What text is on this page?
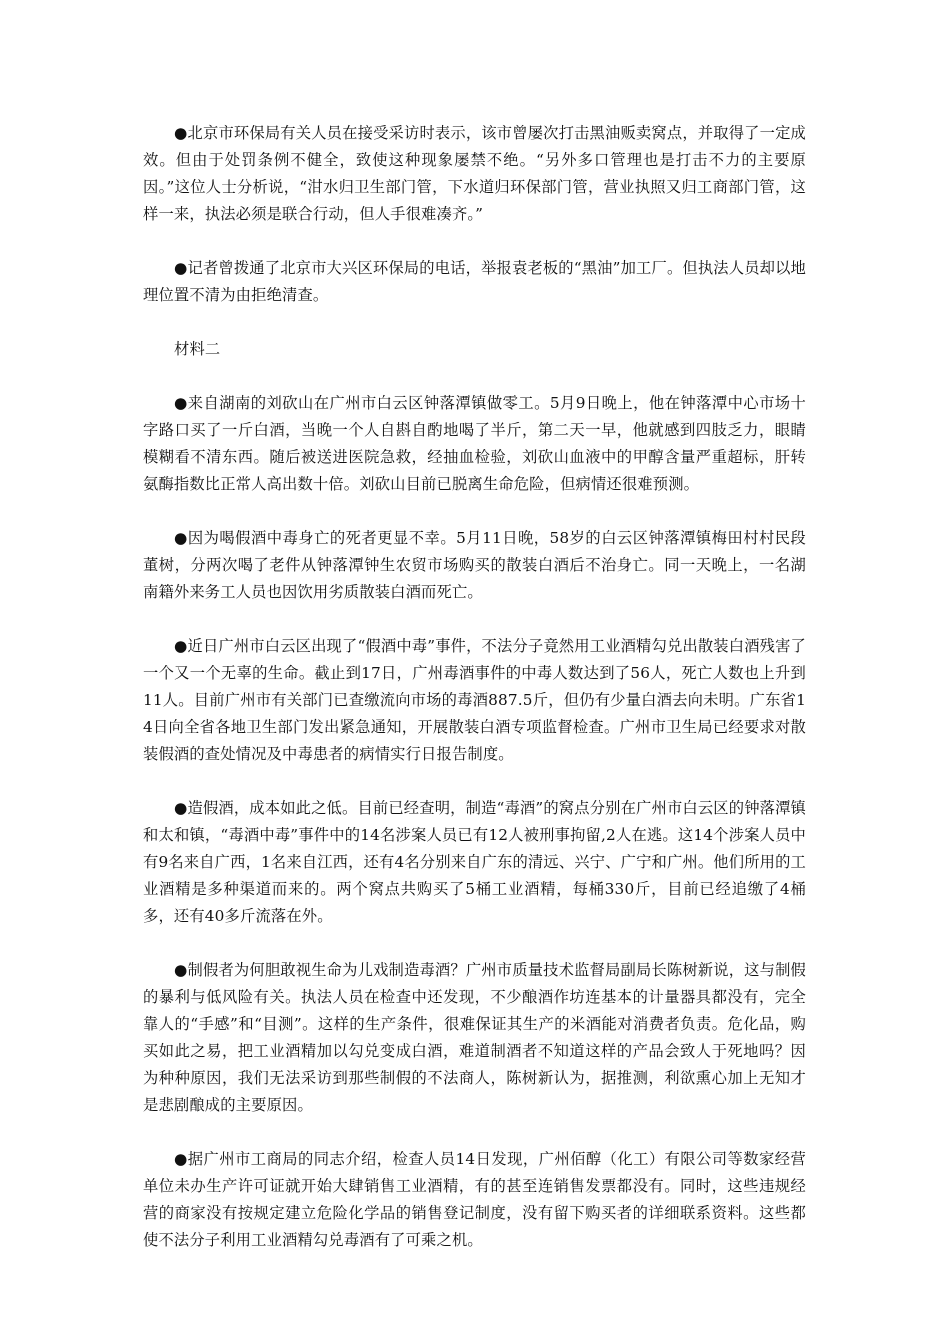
●北京市环保局有关人员在接受采访时表示，该市曾屡次打击黑油贩卖窝点，并取得了一定成效。但由于处罚条例不健全，致使这种现象屡禁不绝。“另外多口管理也是打击不力的主要原因。”这位人士分析说，“泔水归卫生部门管，下水道归环保部门管，营业执照又归工商部门管，这样一来，执法必须是联合行动，但人手很难凑齐。”

●记者曾拨通了北京市大兴区环保局的电话，举报袁老板的“黑油”加工厂。但执法人员却以地理位置不清为由拒绝清查。

材料二

●来自湖南的刘砍山在广州市白云区钟落潭镇做零工。5月9日晚上，他在钟落潭中心市场十字路口买了一斤白酒，当晚一个人自斟自酌地喝了半斤，第二天一早，他就感到四肢乏力，眼睛模糊看不清东西。随后被送进医院急救，经抽血检验，刘砍山血液中的甲醇含量严重超标，肝转氨酶指数比正常人高出数十倍。刘砍山目前已脱离生命危险，但病情还很难预测。

●因为喝假酒中毒身亡的死者更显不幸。5月11日晚，58岁的白云区钟落潭镇梅田村村民段董树，分两次喝了老件从钟落潭钟生农贸市场购买的散装白酒后不治身亡。同一天晚上，一名湖南籍外来务工人员也因饮用劣质散装白酒而死亡。

●近日广州市白云区出现了“假酒中毒”事件，不法分子竟然用工业酒精勾兑出散装白酒残害了一个又一个无辜的生命。截止到17日，广州毒酒事件的中毒人数达到了56人，死亡人数也上升到11人。目前广州市有关部门已查缴流向市场的毒酒887.5斤，但仍有少量白酒去向未明。广东省14日向全省各地卫生部门发出紧急通知，开展散装白酒专项监督检查。广州市卫生局已经要求对散装假酒的查处情况及中毒患者的病情实行日报告制度。

●造假酒，成本如此之低。目前已经查明，制造“毒酒”的窝点分别在广州市白云区的钟落潭镇和太和镇，“毒酒中毒”事件中的14名涉案人员已有12人被刑事拘留,2人在逃。这14个涉案人员中有9名来自广西，1名来自江西，还有4名分别来自广东的清远、兴宁、广宁和广州。他们所用的工业酒精是多种渠道而来的。两个窝点共购买了5桶工业酒精，每桶330斤，目前已经追缴了4桶多，还有40多斤流落在外。

●制假者为何胆敢视生命为儿戏制造毒酒？广州市质量技术监督局副局长陈树新说，这与制假的暴利与低风险有关。执法人员在检查中还发现，不少酿酒作坊连基本的计量器具都没有，完全靠人的“手感”和“目测”。这样的生产条件，很难保证其生产的米酒能对消费者负责。危化品，购买如此之易，把工业酒精加以勾兑变成白酒，难道制酒者不知道这样的产品会致人于死地吗？因为种种原因，我们无法采访到那些制假的不法商人，陈树新认为，据推测，利欲熏心加上无知才是悲剧酿成的主要原因。

●据广州市工商局的同志介绍，检查人员14日发现，广州佰醇（化工）有限公司等数家经营单位未办生产许可证就开始大肆销售工业酒精，有的甚至连销售发票都没有。同时，这些违规经营的商家没有按规定建立危险化学品的销售登记制度，没有留下购买者的详细联系资料。这些都使不法分子利用工业酒精勾兑毒酒有了可乘之机。
